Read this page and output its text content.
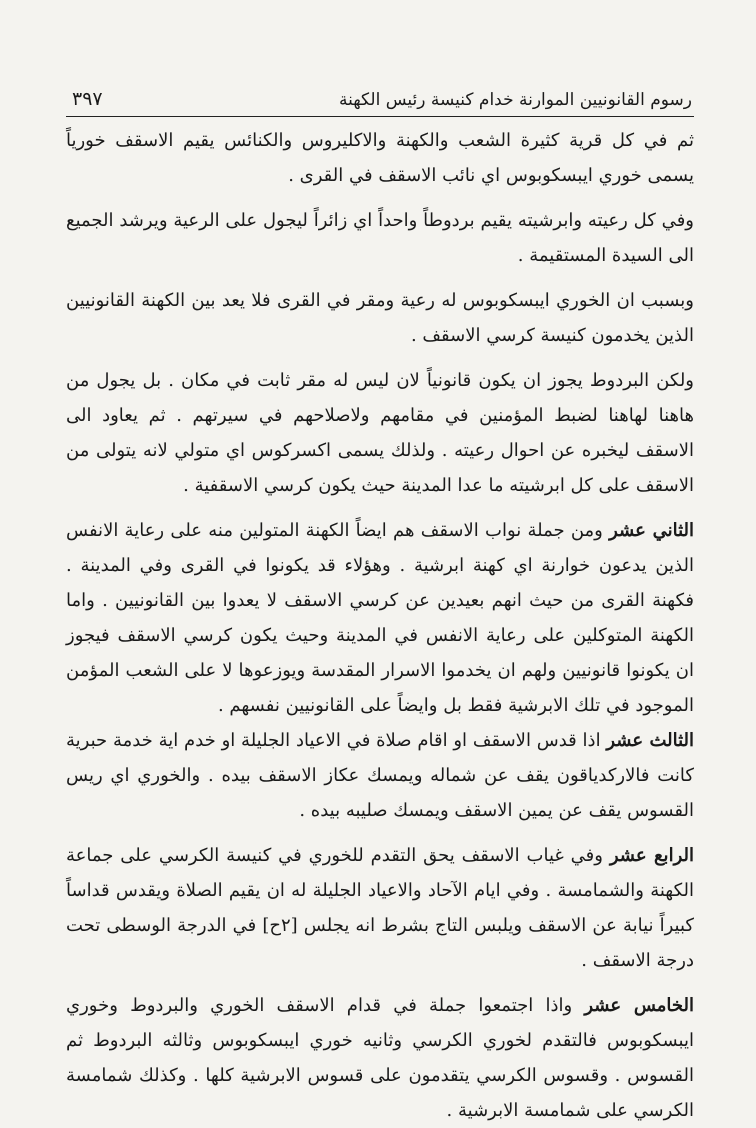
رسوم القانونيين الموارنة خدام كنيسة رئيس الكهنة
٣٩٧

ثم في كل قرية كثيرة الشعب والكهنة والاكليروس والكنائس يقيم الاسقف خورياً يسمى خوري ايبسكوبوس اي نائب الاسقف في القرى .

وفي كل رعيته وابرشيته يقيم بردوطاً واحداً اي زائراً ليجول على الرعية ويرشد الجميع الى السيدة المستقيمة .

وبسبب ان الخوري ايبسكوبوس له رعية ومقر في القرى فلا يعد بين الكهنة القانونيين الذين يخدمون كنيسة كرسي الاسقف .

ولكن البردوط يجوز ان يكون قانونياً لان ليس له مقر ثابت في مكان . بل يجول من هاهنا لهاهنا لضبط المؤمنين في مقامهم ولاصلاحهم في سيرتهم . ثم يعاود الى الاسقف ليخبره عن احوال رعيته . ولذلك يسمى اكسركوس اي متولي لانه يتولى من الاسقف على كل ابرشيته ما عدا المدينة حيث يكون كرسي الاسقفية .

الثاني عشر ومن جملة نواب الاسقف هم ايضاً الكهنة المتولين منه على رعاية الانفس الذين يدعون خوارنة اي كهنة ابرشية . وهؤلاء قد يكونوا في القرى وفي المدينة . فكهنة القرى من حيث انهم بعيدين عن كرسي الاسقف لا يعدوا بين القانونيين . واما الكهنة المتوكلين على رعاية الانفس في المدينة وحيث يكون كرسي الاسقف فيجوز ان يكونوا قانونيين ولهم ان يخدموا الاسرار المقدسة ويوزعوها لا على الشعب المؤمن الموجود في تلك الابرشية فقط بل وايضاً على القانونيين نفسهم .

الثالث عشر اذا قدس الاسقف او اقام صلاة في الاعياد الجليلة او خدم اية خدمة حبرية كانت فالاركدياقون يقف عن شماله ويمسك عكاز الاسقف بيده . والخوري اي ريس القسوس يقف عن يمين الاسقف ويمسك صليبه بيده .

الرابع عشر وفي غياب الاسقف يحق التقدم للخوري في كنيسة الكرسي على جماعة الكهنة والشمامسة . وفي ايام الآحاد والاعياد الجليلة له ان يقيم الصلاة ويقدس قداساً كبيراً نيابة عن الاسقف ويلبس التاج بشرط انه يجلس [٢ح] في الدرجة الوسطى تحت درجة الاسقف .

الخامس عشر واذا اجتمعوا جملة في قدام الاسقف الخوري والبردوط وخوري ايبسكوبوس فالتقدم لخوري الكرسي وثانيه خوري ايبسكوبوس وثالثه البردوط ثم القسوس . وقسوس الكرسي يتقدمون على قسوس الابرشية كلها . وكذلك شمامسة الكرسي على شمامسة الابرشية .
